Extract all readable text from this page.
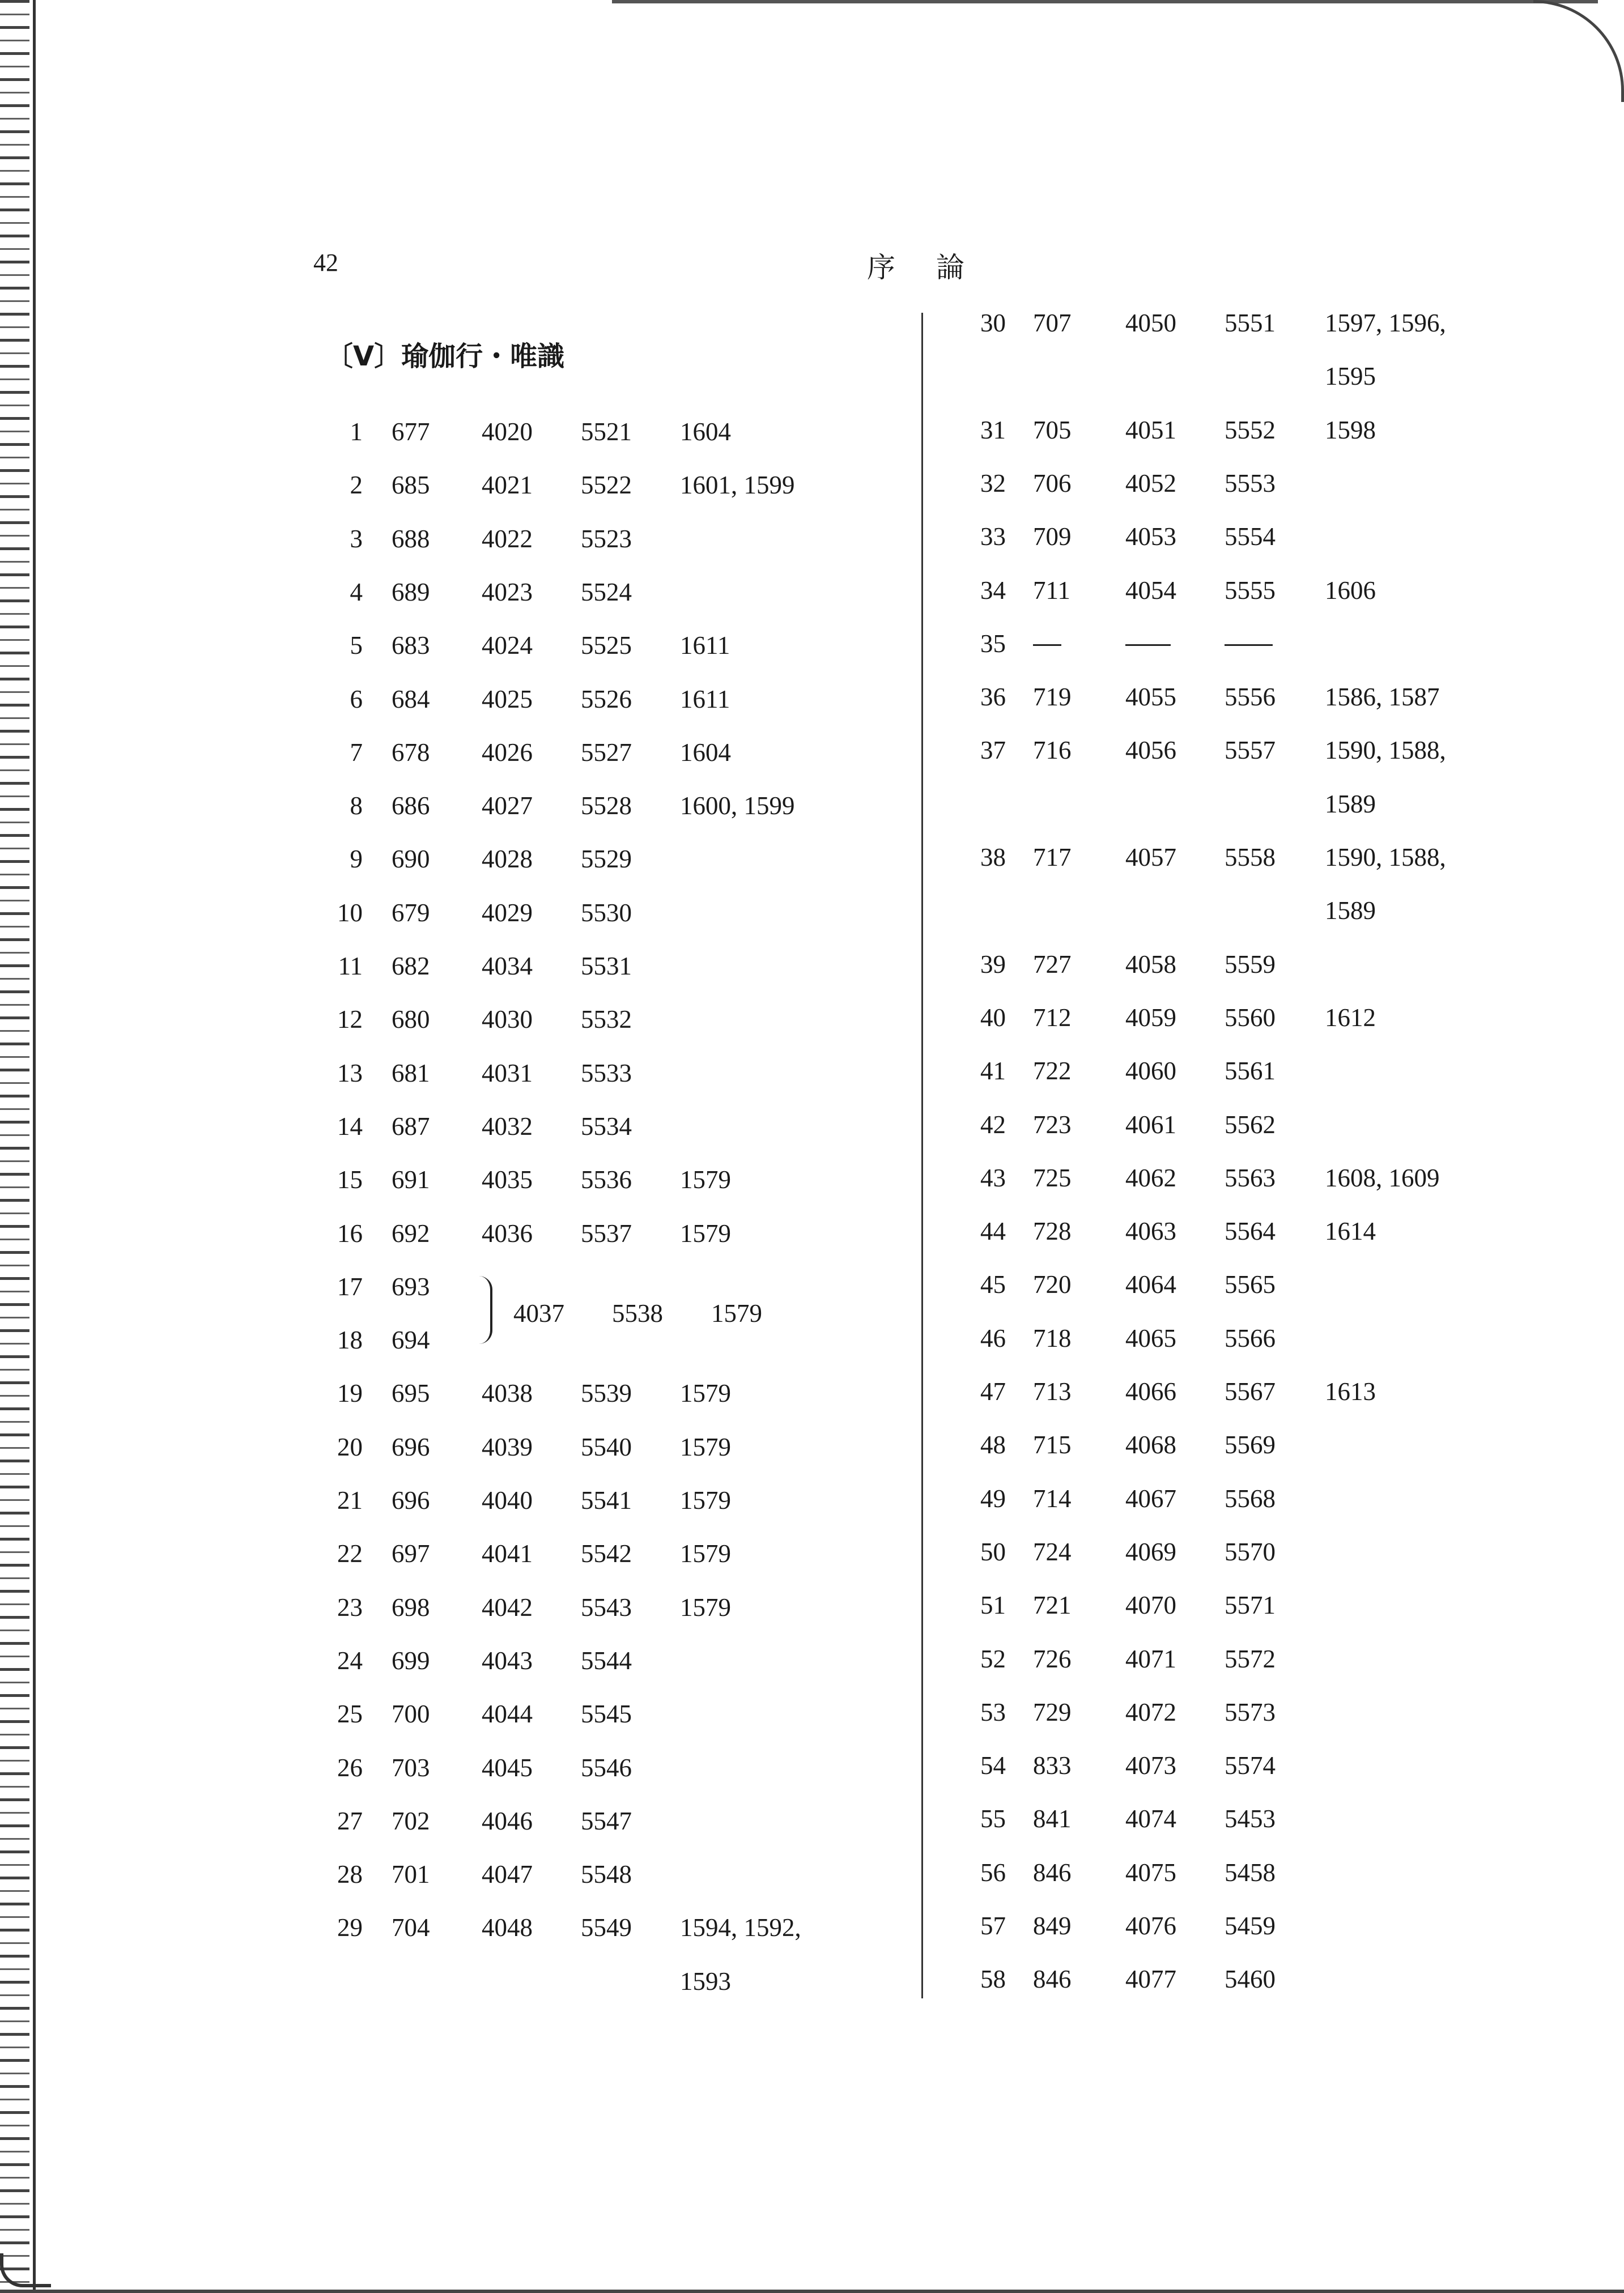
42	序論
〔V〕瑜伽行・唯識
1 677 4020 5521 1604
2 685 4021 5522 1601, 1599
3 688 4022 5523
4 689 4023 5524
5 683 4024 5525 1611
6 684 4025 5526 1611
7 678 4026 5527 1604
8 686 4027 5528 1600, 1599
9 690 4028 5529
10 679 4029 5530
11 682 4034 5531
12 680 4030 5532
13 681 4031 5533
14 687 4032 5534
15 691 4035 5536 1579
16 692 4036 5537 1579
17 693
18 694
19 695 4038 5539 1579
20 696 4039 5540 1579
21 696 4040 5541 1579
22 697 4041 5542 1579
23 698 4042 5543 1579
24 699 4043 5544
25 700 4044 5545
26 703 4045 5546
27 702 4046 5547
28 701 4047 5548
29 704 4048 5549 1594, 1592,
1593
30 707 4050 5551 1597, 1596,
1595
31 705 4051 5552 1598
32 706 4052 5553
33 709 4053 5554
34 711 4054 5555 1606
35
36 719 4055 5556 1586, 1587
37 716 4056 5557 1590, 1588,
1589
38 717 4057 5558 1590, 1588,
1589
39 727 4058 5559
40 712 4059 5560 1612
41 722 4060 5561
42 723 4061 5562
43 725 4062 5563 1608, 1609
44 728 4063 5564 1614
45 720 4064 5565
46 718 4065 5566
47 713 4066 5567 1613
48 715 4068 5569
49 714 4067 5568
50 724 4069 5570
51 721 4070 5571
52 726 4071 5572
53 729 4072 5573
54 833 4073 5574
55 841 4074 5453
56 846 4075 5458
57 849 4076 5459
58 846 4077 5460
4037 5538 1579
